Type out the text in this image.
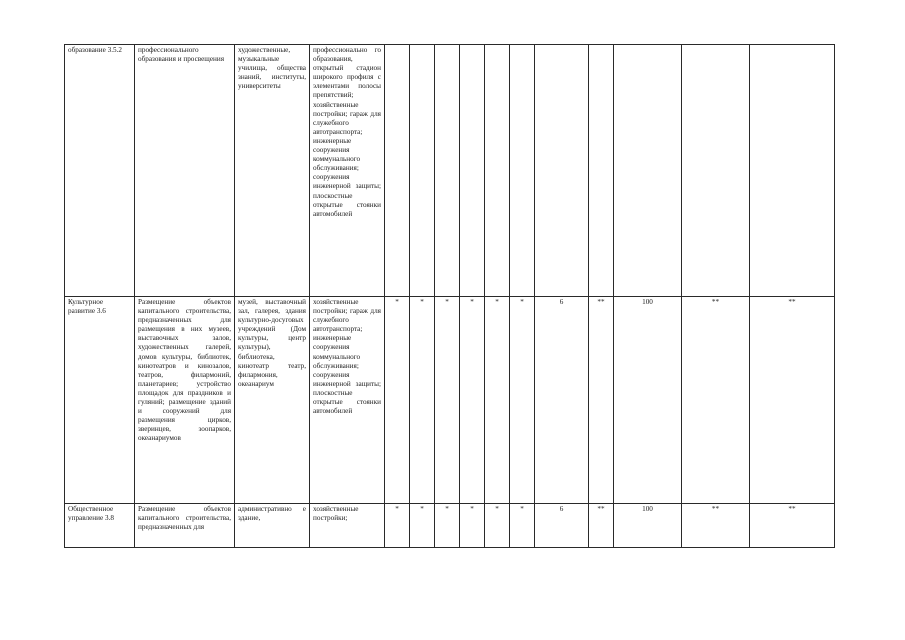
образование 3.5.2	профессионального образования и просвещения	художественные, музыкальные училища, общества знаний, институты, университеты	профессионально го образования, открытый стадион широкого профиля с элементами полосы препятствий; хозяйственные постройки; гараж для служебного автотранспорта; инженерные сооружения коммунального обслуживания; сооружения инженерной защиты; плоскостные открытые стоянки автомобилей											
Культурное развитие 3.6	Размещение объектов капитального строительства, предназначенных для размещения в них музеев, выставочных залов, художественных галерей, домов культуры, библиотек, кинотеатров и кинозалов, театров, филармоний, планетариев; устройство площадок для праздников и гуляний; размещение зданий и сооружений для размещения цирков, зверинцев, зоопарков, океанариумов	музей, выставочный зал, галерея, здания культурно-досуговых учреждений (Дом культуры, центр культуры), библиотека, кинотеатр театр, филармония, океанариум	хозяйственные постройки; гараж для служебного автотранспорта; инженерные сооружения коммунального обслуживания; сооружения инженерной защиты; плоскостные открытые стоянки автомобилей	*	*	*	*	*	*	6	**	100	**	**
Общественное управление 3.8	Размещение объектов капитального строительства, предназначенных для	административно е здание,	хозяйственные постройки;	*	*	*	*	*	*	6	**	100	**	**
